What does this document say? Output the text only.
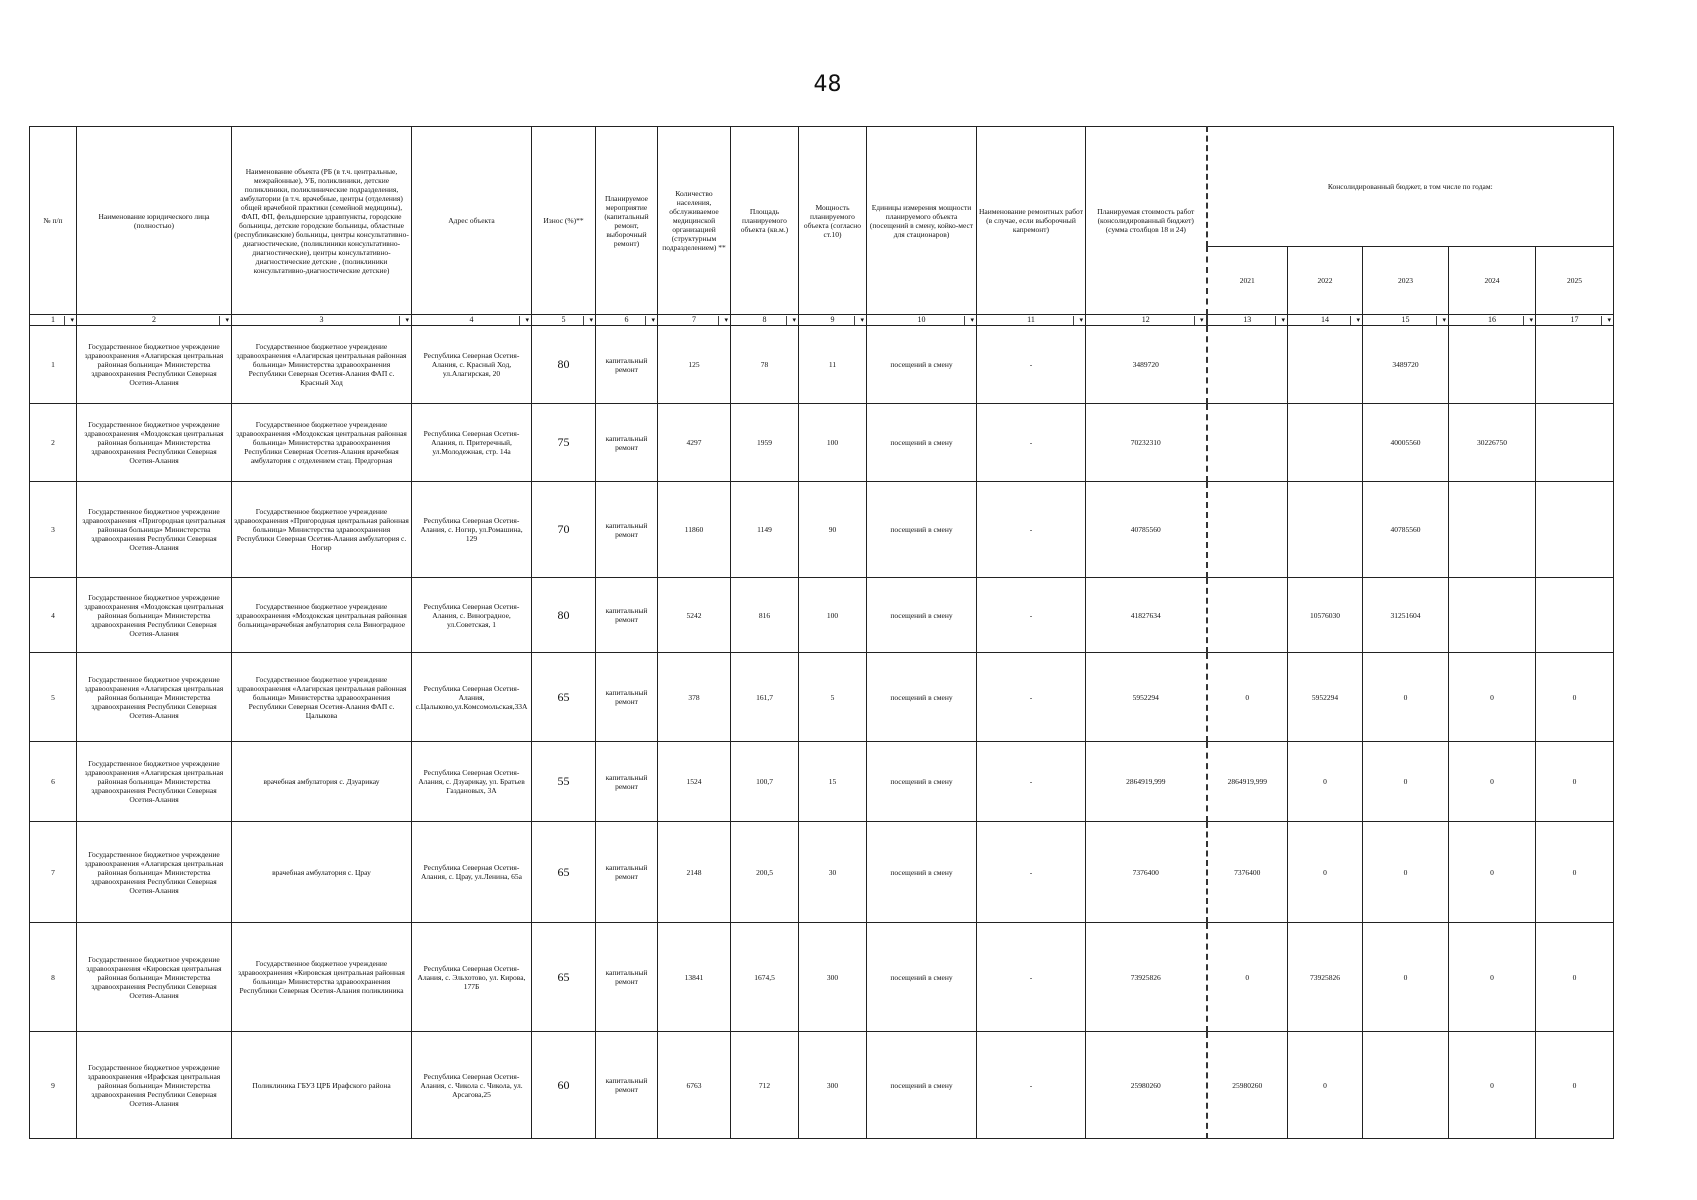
48
№ п/п	Наименование юридического лица (полностью)	Наименование объекта (РБ (в т.ч. центральные, межрайонные), УБ, поликлиники, детские поликлиники, поликлинические подразделения, амбулатории (в т.ч. врачебные, центры (отделения) общей врачебной практики (семейной медицины), ФАП, ФП, фельдшерские здравпункты, городские больницы, детские городские больницы, областные (республиканские) больницы, центры консультативно-диагностические, (поликлиники консультативно-диагностические), центры консультативно-диагностические детские , (поликлиники консультативно-диагностические детские)	Адрес объекта	Износ (%)**	Планируемое мероприятие (капитальный ремонт, выборочный ремонт)	Количество населения, обслуживаемое медицинской организацией (структурным подразделением) **	Площадь планируемого объекта (кв.м.)	Мощность планируемого объекта (согласно ст.10)	Единицы измерения мощности планируемого объекта (посещений в смену, койко-мест для стационаров)	Наименование ремонтных работ (в случае, если выборочный капремонт)	Планируемая стоимость работ (консолидированный бюджет) (сумма столбцов 18 и 24)	Консолидированный бюджет, в том числе по годам:				
												2021	2022	2023	2024	2025
1 ▾	2 ▾	3 ▾	4 ▾	5 ▾	6 ▾	7 ▾	8 ▾	9 ▾	10 ▾	11 ▾	12 ▾	13 ▾	14 ▾	15 ▾	16 ▾	17 ▾

1	Государственное бюджетное учреждение здравоохранения «Алагирская центральная районная больница» Министерства здравоохранения Республики Северная Осетия-Алания	Государственное бюджетное учреждение здравоохранения «Алагирская центральная районная больница» Министерства здравоохранения Республики Северная Осетия-Алания ФАП с. Красный Ход	Республика Северная Осетия-Алания, с. Красный Ход, ул.Алагирская, 20	80	капитальный ремонт	125	78	11	посещений в смену	-	3489720			3489720		
2	Государственное бюджетное учреждение здравоохранения «Моздокская центральная районная больница» Министерства здравоохранения Республики Северная Осетия-Алания	Государственное бюджетное учреждение здравоохранения «Моздокская центральная районная больница» Министерства здравоохранения Республики Северная Осетия-Алания врачебная амбулатория с отделением стац. Предгорная	Республика Северная Осетия-Алания, п. Притеречный, ул.Молодежная, стр. 14а	75	капитальный ремонт	4297	1959	100	посещений в смену	-	70232310			40005560	30226750	
3	Государственное бюджетное учреждение здравоохранения «Пригородная центральная районная больница» Министерства здравоохранения Республики Северная Осетия-Алания	Государственное бюджетное учреждение здравоохранения «Пригородная центральная районная больница» Министерства здравоохранения Республики Северная Осетия-Алания амбулатория с. Ногир	Республика Северная Осетия-Алания, с. Ногир, ул.Ромашина, 129	70	капитальный ремонт	11860	1149	90	посещений в смену	-	40785560			40785560		
4	Государственное бюджетное учреждение здравоохранения «Моздокская центральная районная больница» Министерства здравоохранения Республики Северная Осетия-Алания	Государственное бюджетное учреждение здравоохранения «Моздокская центральная районная больница»врачебная амбулатория села Виноградное	Республика Северная Осетия-Алания, с. Виноградное, ул.Советская, 1	80	капитальный ремонт	5242	816	100	посещений в смену	-	41827634		10576030	31251604		
5	Государственное бюджетное учреждение здравоохранения «Алагирская центральная районная больница» Министерства здравоохранения Республики Северная Осетия-Алания	Государственное бюджетное учреждение здравоохранения «Алагирская центральная районная больница» Министерства здравоохранения Республики Северная Осетия-Алания ФАП с. Цалыкова	Республика Северная Осетия-Алания, с.Цалыково,ул.Комсомольская,33А	65	капитальный ремонт	378	161,7	5	посещений в смену	-	5952294	0	5952294	0	0	0
6	Государственное бюджетное учреждение здравоохранения «Алагирская центральная районная больница» Министерства здравоохранения Республики Северная Осетия-Алания	врачебная амбулатория с. Дзуарикау	Республика Северная Осетия-Алания, с. Дзуарикау, ул. Братьев Газдановых, 3А	55	капитальный ремонт	1524	100,7	15	посещений в смену	-	2864919,999	2864919,999	0	0	0	0
7	Государственное бюджетное учреждение здравоохранения «Алагирская центральная районная больница» Министерства здравоохранения Республики Северная Осетия-Алания	врачебная амбулатория с. Црау	Республика Северная Осетия-Алания, с. Црау, ул.Ленина, 65а	65	капитальный ремонт	2148	200,5	30	посещений в смену	-	7376400	7376400	0	0	0	0
8	Государственное бюджетное учреждение здравоохранения «Кировская центральная районная больница» Министерства здравоохранения Республики Северная Осетия-Алания	Государственное бюджетное учреждение здравоохранения «Кировская центральная районная больница» Министерства здравоохранения Республики Северная Осетия-Алания поликлиника	Республика Северная Осетия-Алания, с. Эльхотово, ул. Кирова, 177Б	65	капитальный ремонт	13841	1674,5	300	посещений в смену	-	73925826	0	73925826	0	0	0
9	Государственное бюджетное учреждение здравоохранения «Ирафская центральная районная больница» Министерства здравоохранения Республики Северная Осетия-Алания	Поликлиника ГБУЗ ЦРБ Ирафского района	Республика Северная Осетия-Алания, с. Чикола с. Чикола, ул. Арсагова,25	60	капитальный ремонт	6763	712	300	посещений в смену	-	25980260	25980260	0		0	0
